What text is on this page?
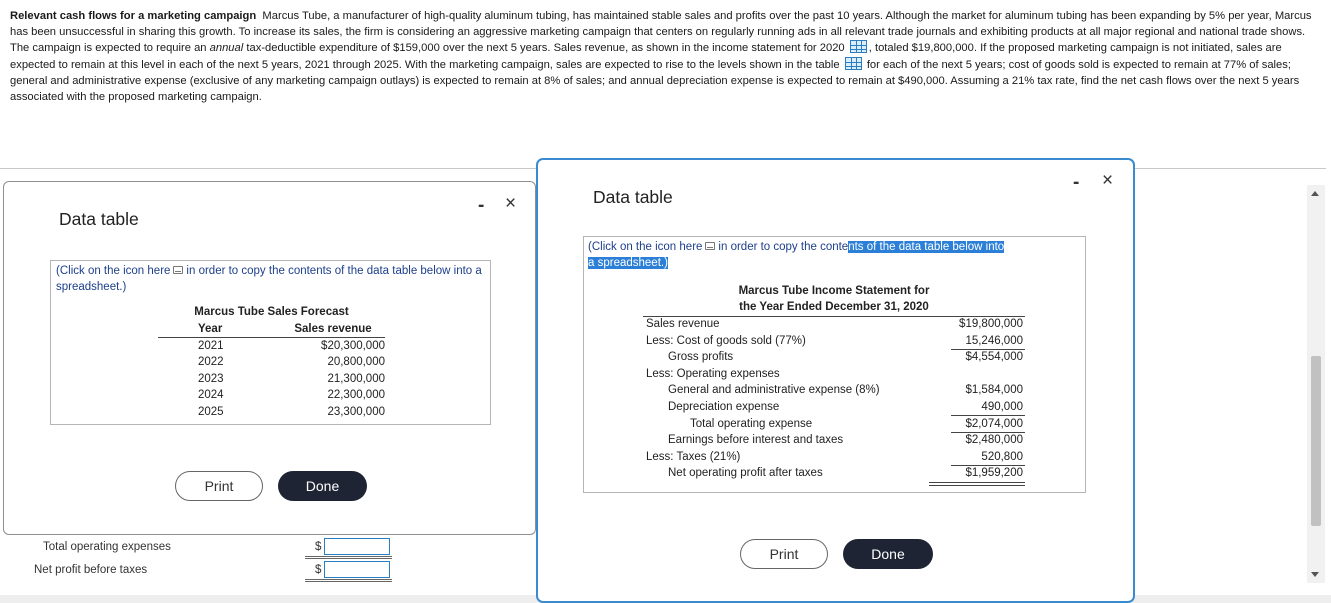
Relevant cash flows for a marketing campaign Marcus Tube, a manufacturer of high-quality aluminum tubing, has maintained stable sales and profits over the past 10 years. Although the market for aluminum tubing has been expanding by 5% per year, Marcus has been unsuccessful in sharing this growth. To increase its sales, the firm is considering an aggressive marketing campaign that centers on regularly running ads in all relevant trade journals and exhibiting products at all major regional and national trade shows. The campaign is expected to require an annual tax-deductible expenditure of $159,000 over the next 5 years. Sales revenue, as shown in the income statement for 2020 , totaled $19,800,000. If the proposed marketing campaign is not initiated, sales are expected to remain at this level in each of the next 5 years, 2021 through 2025. With the marketing campaign, sales are expected to rise to the levels shown in the table  for each of the next 5 years; cost of goods sold is expected to remain at 77% of sales; general and administrative expense (exclusive of any marketing campaign outlays) is expected to remain at 8% of sales; and annual depreciation expense is expected to remain at $490,000. Assuming a 21% tax rate, find the net cash flows over the next 5 years associated with the proposed marketing campaign.
Total operating expenses	$
Net profit before taxes	$
Data table
- ×
(Click on the icon here in order to copy the contents of the data table below into a spreadsheet.)
Marcus Tube Sales Forecast
Year	Sales revenue
2021	$20,300,000
2022	20,800,000
2023	21,300,000
2024	22,300,000
2025	23,300,000
Print	Done
Data table
- ×
(Click on the icon here in order to copy the contents of the data table below into
a spreadsheet.)
Marcus Tube Income Statement for
the Year Ended December 31, 2020
Sales revenue	$19,800,000
Less: Cost of goods sold (77%)	15,246,000
Gross profits	$4,554,000
Less: Operating expenses
General and administrative expense (8%)	$1,584,000
Depreciation expense	490,000
Total operating expense	$2,074,000
Earnings before interest and taxes	$2,480,000
Less: Taxes (21%)	520,800
Net operating profit after taxes	$1,959,200
Print	Done
